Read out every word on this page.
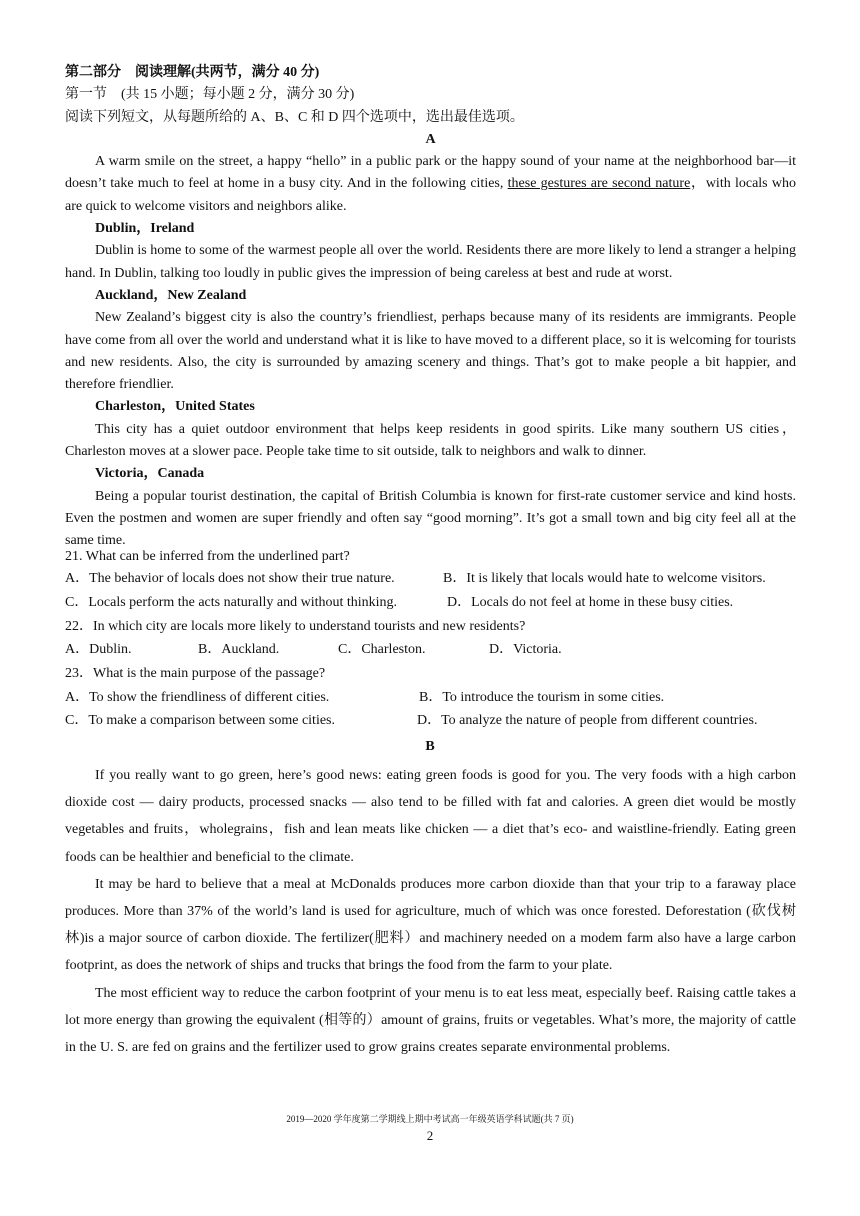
第二部分　阅读理解(共两节，满分 40 分)
第一节　(共 15 小题；每小题 2 分，满分 30 分)
阅读下列短文，从每题所给的 A、B、C 和 D 四个选项中，选出最佳选项。
A
A warm smile on the street, a happy “hello” in a public park or the happy sound of your name at the neighborhood bar—it doesn’t take much to feel at home in a busy city. And in the following cities, these gestures are second nature，with locals who are quick to welcome visitors and neighbors alike.
Dublin，Ireland
Dublin is home to some of the warmest people all over the world. Residents there are more likely to lend a stranger a helping hand. In Dublin, talking too loudly in public gives the impression of being careless at best and rude at worst.
Auckland，New Zealand
New Zealand’s biggest city is also the country’s friendliest, perhaps because many of its residents are immigrants. People have come from all over the world and understand what it is like to have moved to a different place, so it is welcoming for tourists and new residents. Also, the city is surrounded by amazing scenery and things. That’s got to make people a bit happier, and therefore friendlier.
Charleston，United States
This city has a quiet outdoor environment that helps keep residents in good spirits. Like many southern US cities，Charleston moves at a slower pace. People take time to sit outside, talk to neighbors and walk to dinner.
Victoria，Canada
Being a popular tourist destination, the capital of British Columbia is known for first-rate customer service and kind hosts. Even the postmen and women are super friendly and often say “good morning”. It’s got a small town and big city feel all at the same time.
21. What can be inferred from the underlined part?
A．The behavior of locals does not show their true nature.	B．It is likely that locals would hate to welcome visitors.
C．Locals perform the acts naturally and without thinking.	D．Locals do not feel at home in these busy cities.
22．In which city are locals more likely to understand tourists and new residents?
A．Dublin.	B．Auckland.	C．Charleston.	D．Victoria.
23．What is the main purpose of the passage?
A．To show the friendliness of different cities.	B．To introduce the tourism in some cities.
C．To make a comparison between some cities.	D．To analyze the nature of people from different countries.
B
If you really want to go green, here’s good news: eating green foods is good for you. The very foods with a high carbon dioxide cost — dairy products, processed snacks — also tend to be filled with fat and calories. A green diet would be mostly vegetables and fruits，wholegrains，fish and lean meats like chicken — a diet that’s eco- and waistline-friendly. Eating green foods can be healthier and beneficial to the climate.
It may be hard to believe that a meal at McDonalds produces more carbon dioxide than that your trip to a faraway place produces. More than 37% of the world’s land is used for agriculture, much of which was once forested. Deforestation (砍伐树林)is a major source of carbon dioxide. The fertilizer(肥料）and machinery needed on a modem farm also have a large carbon footprint, as does the network of ships and trucks that brings the food from the farm to your plate.
The most efficient way to reduce the carbon footprint of your menu is to eat less meat, especially beef. Raising cattle takes a lot more energy than growing the equivalent (相等的）amount of grains, fruits or vegetables. What’s more, the majority of cattle in the U. S. are fed on grains and the fertilizer used to grow grains creates separate environmental problems.
2019—2020 学年度第二学期线上期中考试高一年级英语学科试题(共 7 页)
2
